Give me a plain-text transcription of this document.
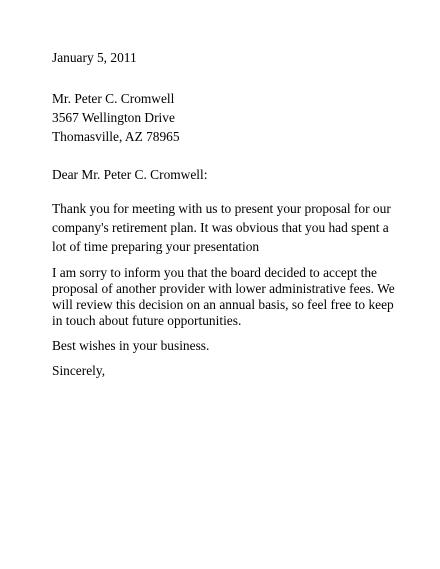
January 5, 2011
Mr. Peter C. Cromwell
3567 Wellington Drive
Thomasville, AZ 78965
Dear Mr. Peter C. Cromwell:
Thank you for meeting with us to present your proposal for our
company's retirement plan. It was obvious that you had spent a
lot of time preparing your presentation
I am sorry to inform you that the board decided to accept the
proposal of another provider with lower administrative fees. We
will review this decision on an annual basis, so feel free to keep
in touch about future opportunities.
Best wishes in your business.
Sincerely,
